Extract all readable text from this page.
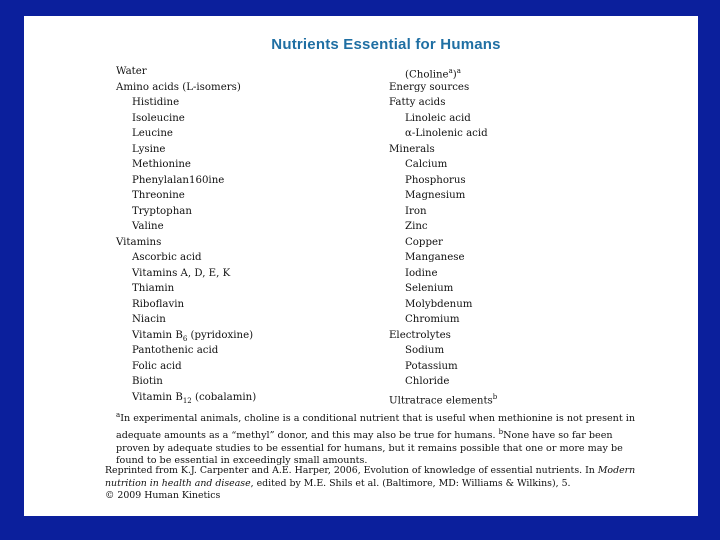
Nutrients Essential for Humans
Water
Amino acids (L-isomers)
Histidine
Isoleucine
Leucine
Lysine
Methionine
Phenylalan160ine
Threonine
Tryptophan
Valine
Vitamins
Ascorbic acid
Vitamins A, D, E, K
Thiamin
Riboflavin
Niacin
Vitamin $B_6$ (pyridoxine)
Pantothenic acid
Folic acid
Biotin
Vitamin $B_{12}$ (cobalamin)
(Choline$^a$)$^a$
Energy sources
Fatty acids
Linoleic acid
α-Linolenic acid
Minerals
Calcium
Phosphorus
Magnesium
Iron
Zinc
Copper
Manganese
Iodine
Selenium
Molybdenum
Chromium
Electrolytes
Sodium
Potassium
Chloride
Ultratrace elements$^b$
$^a$In experimental animals, choline is a conditional nutrient that is useful when methionine is not present in adequate amounts as a “methyl” donor, and this may also be true for humans. $^b$None have so far been proven by adequate studies to be essential for humans, but it remains possible that one or more may be found to be essential in exceedingly small amounts.
Reprinted from K.J. Carpenter and A.E. Harper, 2006, Evolution of knowledge of essential nutrients. In Modern nutrition in health and disease, edited by M.E. Shils et al. (Baltimore, MD: Williams & Wilkins), 5.
© 2009 Human Kinetics
